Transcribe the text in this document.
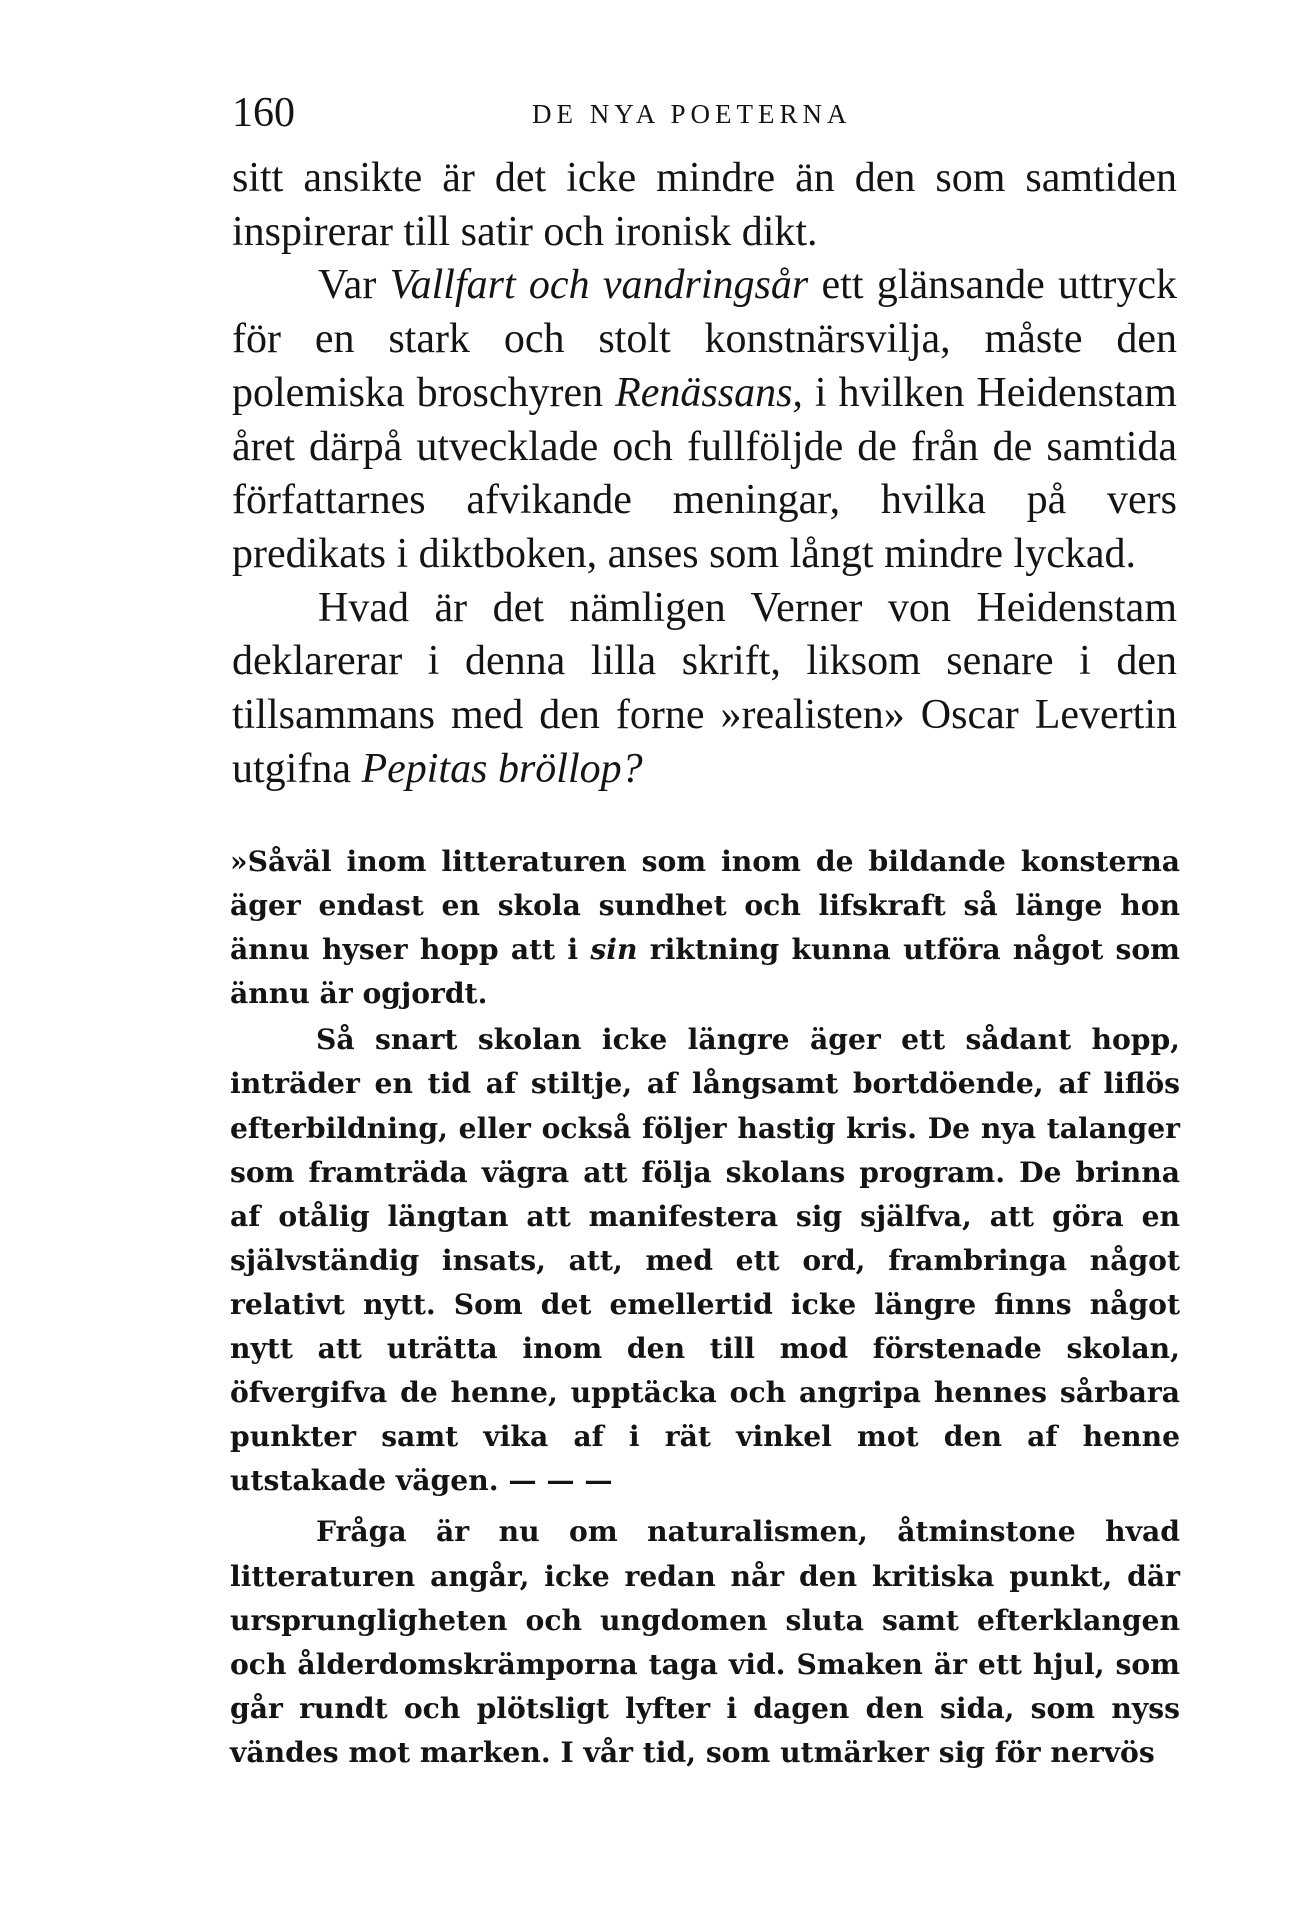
160	DE NYA POETERNA

sitt ansikte är det icke mindre än den som samtiden inspirerar till satir och ironisk dikt.

Var Vallfart och vandringsår ett glänsande uttryck för en stark och stolt konstnärsvilja, måste den polemiska broschyren Renässans, i hvilken Heidenstam året därpå utvecklade och fullföljde de från de samtida författarnes afvikande meningar, hvilka på vers predikats i diktboken, anses som långt mindre lyckad.

Hvad är det nämligen Verner von Heidenstam deklarerar i denna lilla skrift, liksom senare i den tillsammans med den forne »realisten» Oscar Levertin utgifna Pepitas bröllop?

»Såväl inom litteraturen som inom de bildande konsterna äger endast en skola sundhet och lifskraft så länge hon ännu hyser hopp att i sin riktning kunna utföra något som ännu är ogjordt.

Så snart skolan icke längre äger ett sådant hopp, inträder en tid af stiltje, af långsamt bortdöende, af liflös efterbildning, eller också följer hastig kris. De nya talanger som framträda vägra att följa skolans program. De brinna af otålig längtan att manifestera sig själfva, att göra en självständig insats, att, med ett ord, frambringa något relativt nytt. Som det emellertid icke längre finns något nytt att uträtta inom den till mod förstenade skolan, öfvergifva de henne, upptäcka och angripa hennes sårbara punkter samt vika af i rät vinkel mot den af henne utstakade vägen. — — —

Fråga är nu om naturalismen, åtminstone hvad litteraturen angår, icke redan når den kritiska punkt, där ursprungligheten och ungdomen sluta samt efterklangen och ålderdomskrämporna taga vid. Smaken är ett hjul, som går rundt och plötsligt lyfter i dagen den sida, som nyss vändes mot marken. I vår tid, som utmärker sig för nervös
